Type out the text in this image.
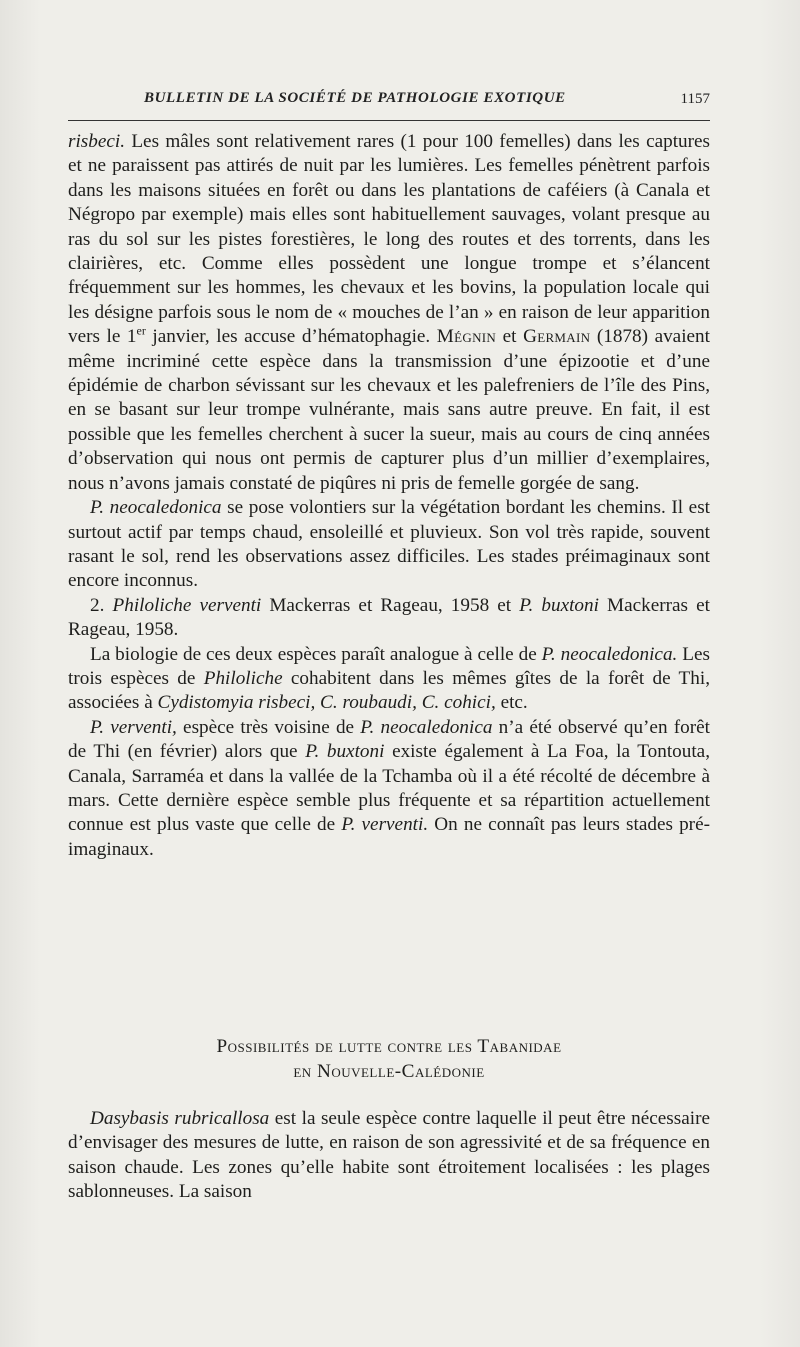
BULLETIN DE LA SOCIÉTÉ DE PATHOLOGIE EXOTIQUE	1157

risbeci. Les mâles sont relativement rares (1 pour 100 femelles) dans les captures et ne paraissent pas attirés de nuit par les lumières. Les femelles pénètrent parfois dans les maisons situées en forêt ou dans les plantations de caféiers (à Canala et Négropo par exemple) mais elles sont habituellement sauvages, volant presque au ras du sol sur les pistes forestières, le long des routes et des torrents, dans les clairières, etc. Comme elles possèdent une longue trompe et s’élancent fréquemment sur les hommes, les chevaux et les bovins, la population locale qui les désigne parfois sous le nom de « mouches de l’an » en raison de leur apparition vers le 1er janvier, les accuse d’hématophagie. Mégnin et Germain (1878) avaient même incriminé cette espèce dans la transmission d’une épizootie et d’une épidémie de charbon sévissant sur les chevaux et les palefreniers de l’île des Pins, en se basant sur leur trompe vulnérante, mais sans autre preuve. En fait, il est possible que les femelles cherchent à sucer la sueur, mais au cours de cinq années d’observation qui nous ont permis de capturer plus d’un millier d’exemplaires, nous n’avons jamais constaté de piqûres ni pris de femelle gorgée de sang.

P. neocaledonica se pose volontiers sur la végétation bordant les chemins. Il est surtout actif par temps chaud, ensoleillé et pluvieux. Son vol très rapide, souvent rasant le sol, rend les observations assez difficiles. Les stades préimaginaux sont encore inconnus.

2. Philoliche verventi Mackerras et Rageau, 1958 et P. buxtoni Mackerras et Rageau, 1958.

La biologie de ces deux espèces paraît analogue à celle de P. neocaledonica. Les trois espèces de Philoliche cohabitent dans les mêmes gîtes de la forêt de Thi, associées à Cydistomyia risbeci, C. roubaudi, C. cohici, etc.

P. verventi, espèce très voisine de P. neocaledonica n’a été observé qu’en forêt de Thi (en février) alors que P. buxtoni existe également à La Foa, la Tontouta, Canala, Sarraméa et dans la vallée de la Tchamba où il a été récolté de décembre à mars. Cette dernière espèce semble plus fréquente et sa répartition actuellement connue est plus vaste que celle de P. verventi. On ne connaît pas leurs stades préimaginaux.

Possibilités de lutte contre les Tabanidae
en Nouvelle-Calédonie

Dasybasis rubricallosa est la seule espèce contre laquelle il peut être nécessaire d’envisager des mesures de lutte, en raison de son agressivité et de sa fréquence en saison chaude. Les zones qu’elle habite sont étroitement localisées : les plages sablonneuses. La saison
